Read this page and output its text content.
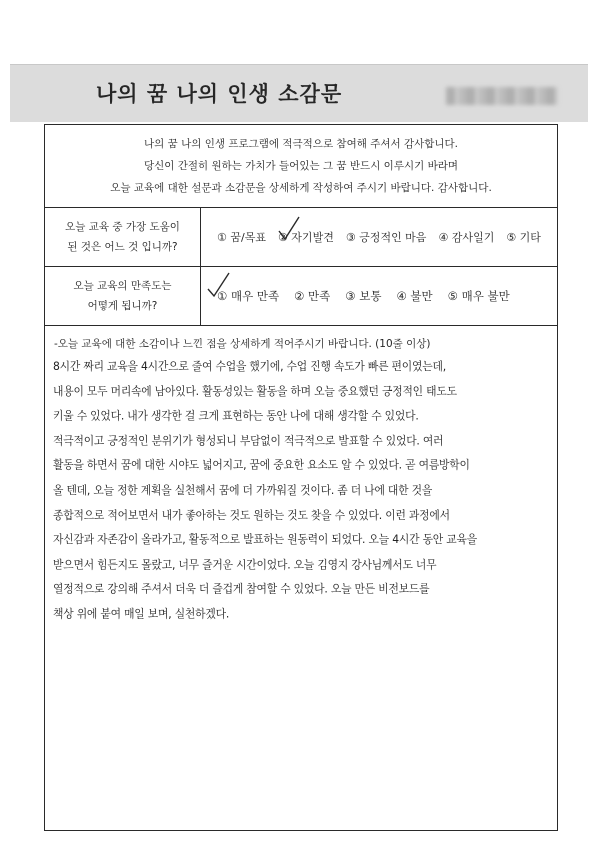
나의 꿈 나의 인생 소감문
나의 꿈 나의 인생 프로그램에 적극적으로 참여해 주셔서 감사합니다.
당신이 간절히 원하는 가치가 들어있는 그 꿈 반드시 이루시기 바라며
오늘 교육에 대한 설문과 소감문을 상세하게 작성하여 주시기 바랍니다. 감사합니다.
오늘 교육 중 가장 도움이
된 것은 어느 것 입니까?
① 꿈/목표 ② 자기발견 ③ 긍정적인 마음 ④ 감사일기 ⑤ 기타
오늘 교육의 만족도는
어떻게 됩니까?
① 매우 만족 ② 만족 ③ 보통 ④ 불만 ⑤ 매우 불만
-오늘 교육에 대한 소감이나 느낀 점을 상세하게 적어주시기 바랍니다. (10줄 이상)
8시간 짜리 교육을 4시간으로 줄여 수업을 했기에, 수업 진행 속도가 빠른 편이였는데,
내용이 모두 머리속에 남아있다. 활동성있는 활동을 하며 오늘 중요했던 긍정적인 태도도
키울 수 있었다. 내가 생각한 걸 크게 표현하는 동안 나에 대해 생각할 수 있었다.
적극적이고 긍정적인 분위기가 형성되니 부담없이 적극적으로 발표할 수 있었다. 여러
활동을 하면서 꿈에 대한 시야도 넓어지고, 꿈에 중요한 요소도 알 수 있었다. 곧 여름방학이
올 텐데, 오늘 정한 계획을 실천해서 꿈에 더 가까워질 것이다. 좀 더 나에 대한 것을
종합적으로 적어보면서 내가 좋아하는 것도 원하는 것도 찾을 수 있었다. 이런 과정에서
자신감과 자존감이 올라가고, 활동적으로 발표하는 원동력이 되었다. 오늘 4시간 동안 교육을
받으면서 힘든지도 몰랐고, 너무 즐거운 시간이었다. 오늘 김영지 강사님께서도 너무
열정적으로 강의해 주셔서 더욱 더 즐겁게 참여할 수 있었다. 오늘 만든 비전보드를
책상 위에 붙여 매일 보며, 실천하겠다.
